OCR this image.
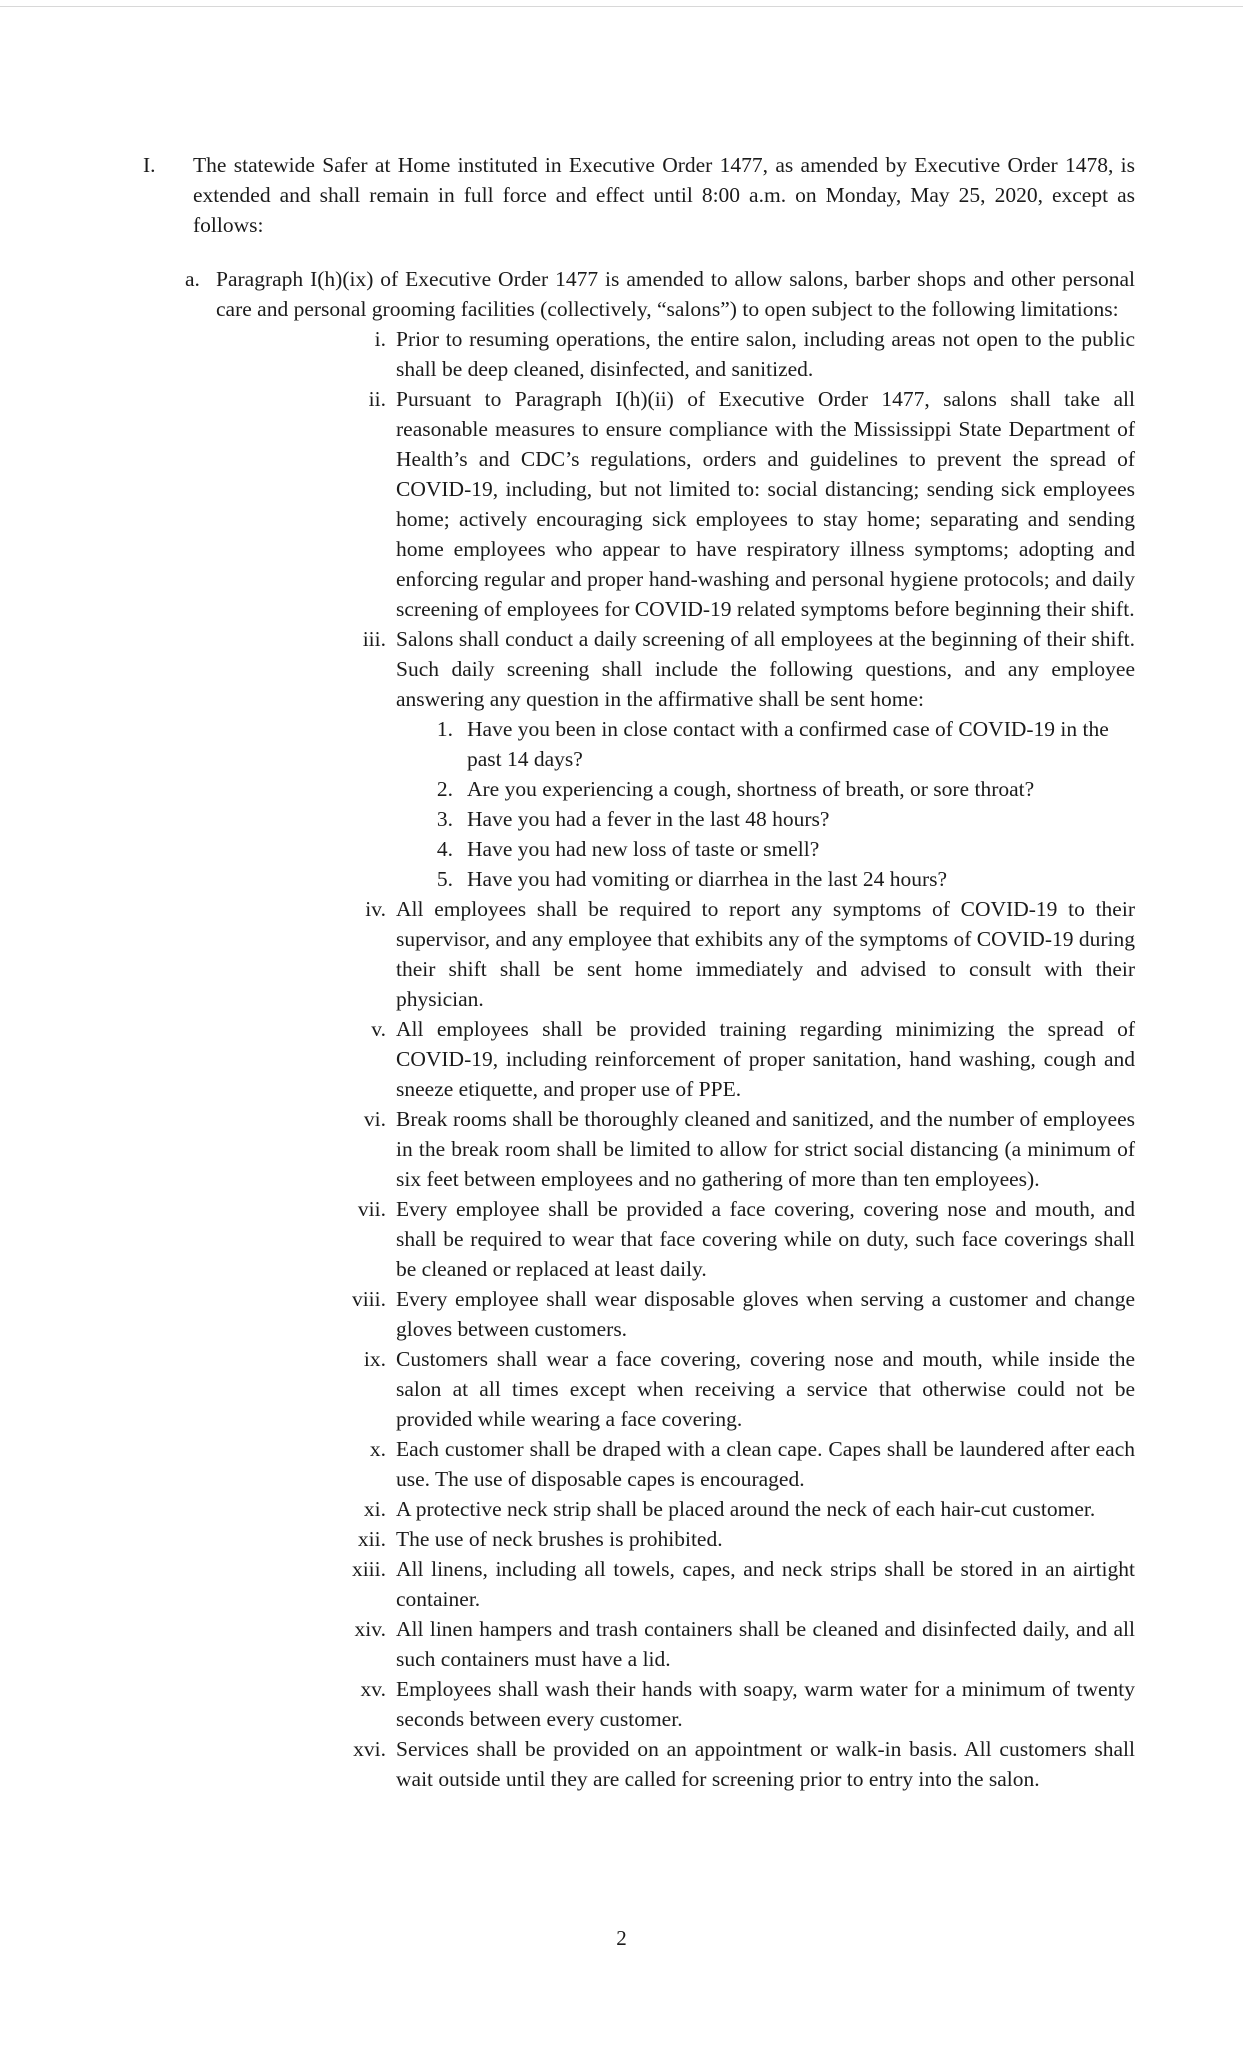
I.	The statewide Safer at Home instituted in Executive Order 1477, as amended by Executive Order 1478, is extended and shall remain in full force and effect until 8:00 a.m. on Monday, May 25, 2020, except as follows:
a. Paragraph I(h)(ix) of Executive Order 1477 is amended to allow salons, barber shops and other personal care and personal grooming facilities (collectively, “salons”) to open subject to the following limitations:
i. Prior to resuming operations, the entire salon, including areas not open to the public shall be deep cleaned, disinfected, and sanitized.
ii. Pursuant to Paragraph I(h)(ii) of Executive Order 1477, salons shall take all reasonable measures to ensure compliance with the Mississippi State Department of Health’s and CDC’s regulations, orders and guidelines to prevent the spread of COVID-19, including, but not limited to: social distancing; sending sick employees home; actively encouraging sick employees to stay home; separating and sending home employees who appear to have respiratory illness symptoms; adopting and enforcing regular and proper hand-washing and personal hygiene protocols; and daily screening of employees for COVID-19 related symptoms before beginning their shift.
iii. Salons shall conduct a daily screening of all employees at the beginning of their shift. Such daily screening shall include the following questions, and any employee answering any question in the affirmative shall be sent home:
1. Have you been in close contact with a confirmed case of COVID-19 in the past 14 days?
2. Are you experiencing a cough, shortness of breath, or sore throat?
3. Have you had a fever in the last 48 hours?
4. Have you had new loss of taste or smell?
5. Have you had vomiting or diarrhea in the last 24 hours?
iv. All employees shall be required to report any symptoms of COVID-19 to their supervisor, and any employee that exhibits any of the symptoms of COVID-19 during their shift shall be sent home immediately and advised to consult with their physician.
v. All employees shall be provided training regarding minimizing the spread of COVID-19, including reinforcement of proper sanitation, hand washing, cough and sneeze etiquette, and proper use of PPE.
vi. Break rooms shall be thoroughly cleaned and sanitized, and the number of employees in the break room shall be limited to allow for strict social distancing (a minimum of six feet between employees and no gathering of more than ten employees).
vii. Every employee shall be provided a face covering, covering nose and mouth, and shall be required to wear that face covering while on duty, such face coverings shall be cleaned or replaced at least daily.
viii. Every employee shall wear disposable gloves when serving a customer and change gloves between customers.
ix. Customers shall wear a face covering, covering nose and mouth, while inside the salon at all times except when receiving a service that otherwise could not be provided while wearing a face covering.
x. Each customer shall be draped with a clean cape. Capes shall be laundered after each use. The use of disposable capes is encouraged.
xi. A protective neck strip shall be placed around the neck of each hair-cut customer.
xii. The use of neck brushes is prohibited.
xiii. All linens, including all towels, capes, and neck strips shall be stored in an airtight container.
xiv. All linen hampers and trash containers shall be cleaned and disinfected daily, and all such containers must have a lid.
xv. Employees shall wash their hands with soapy, warm water for a minimum of twenty seconds between every customer.
xvi. Services shall be provided on an appointment or walk-in basis. All customers shall wait outside until they are called for screening prior to entry into the salon.
2
